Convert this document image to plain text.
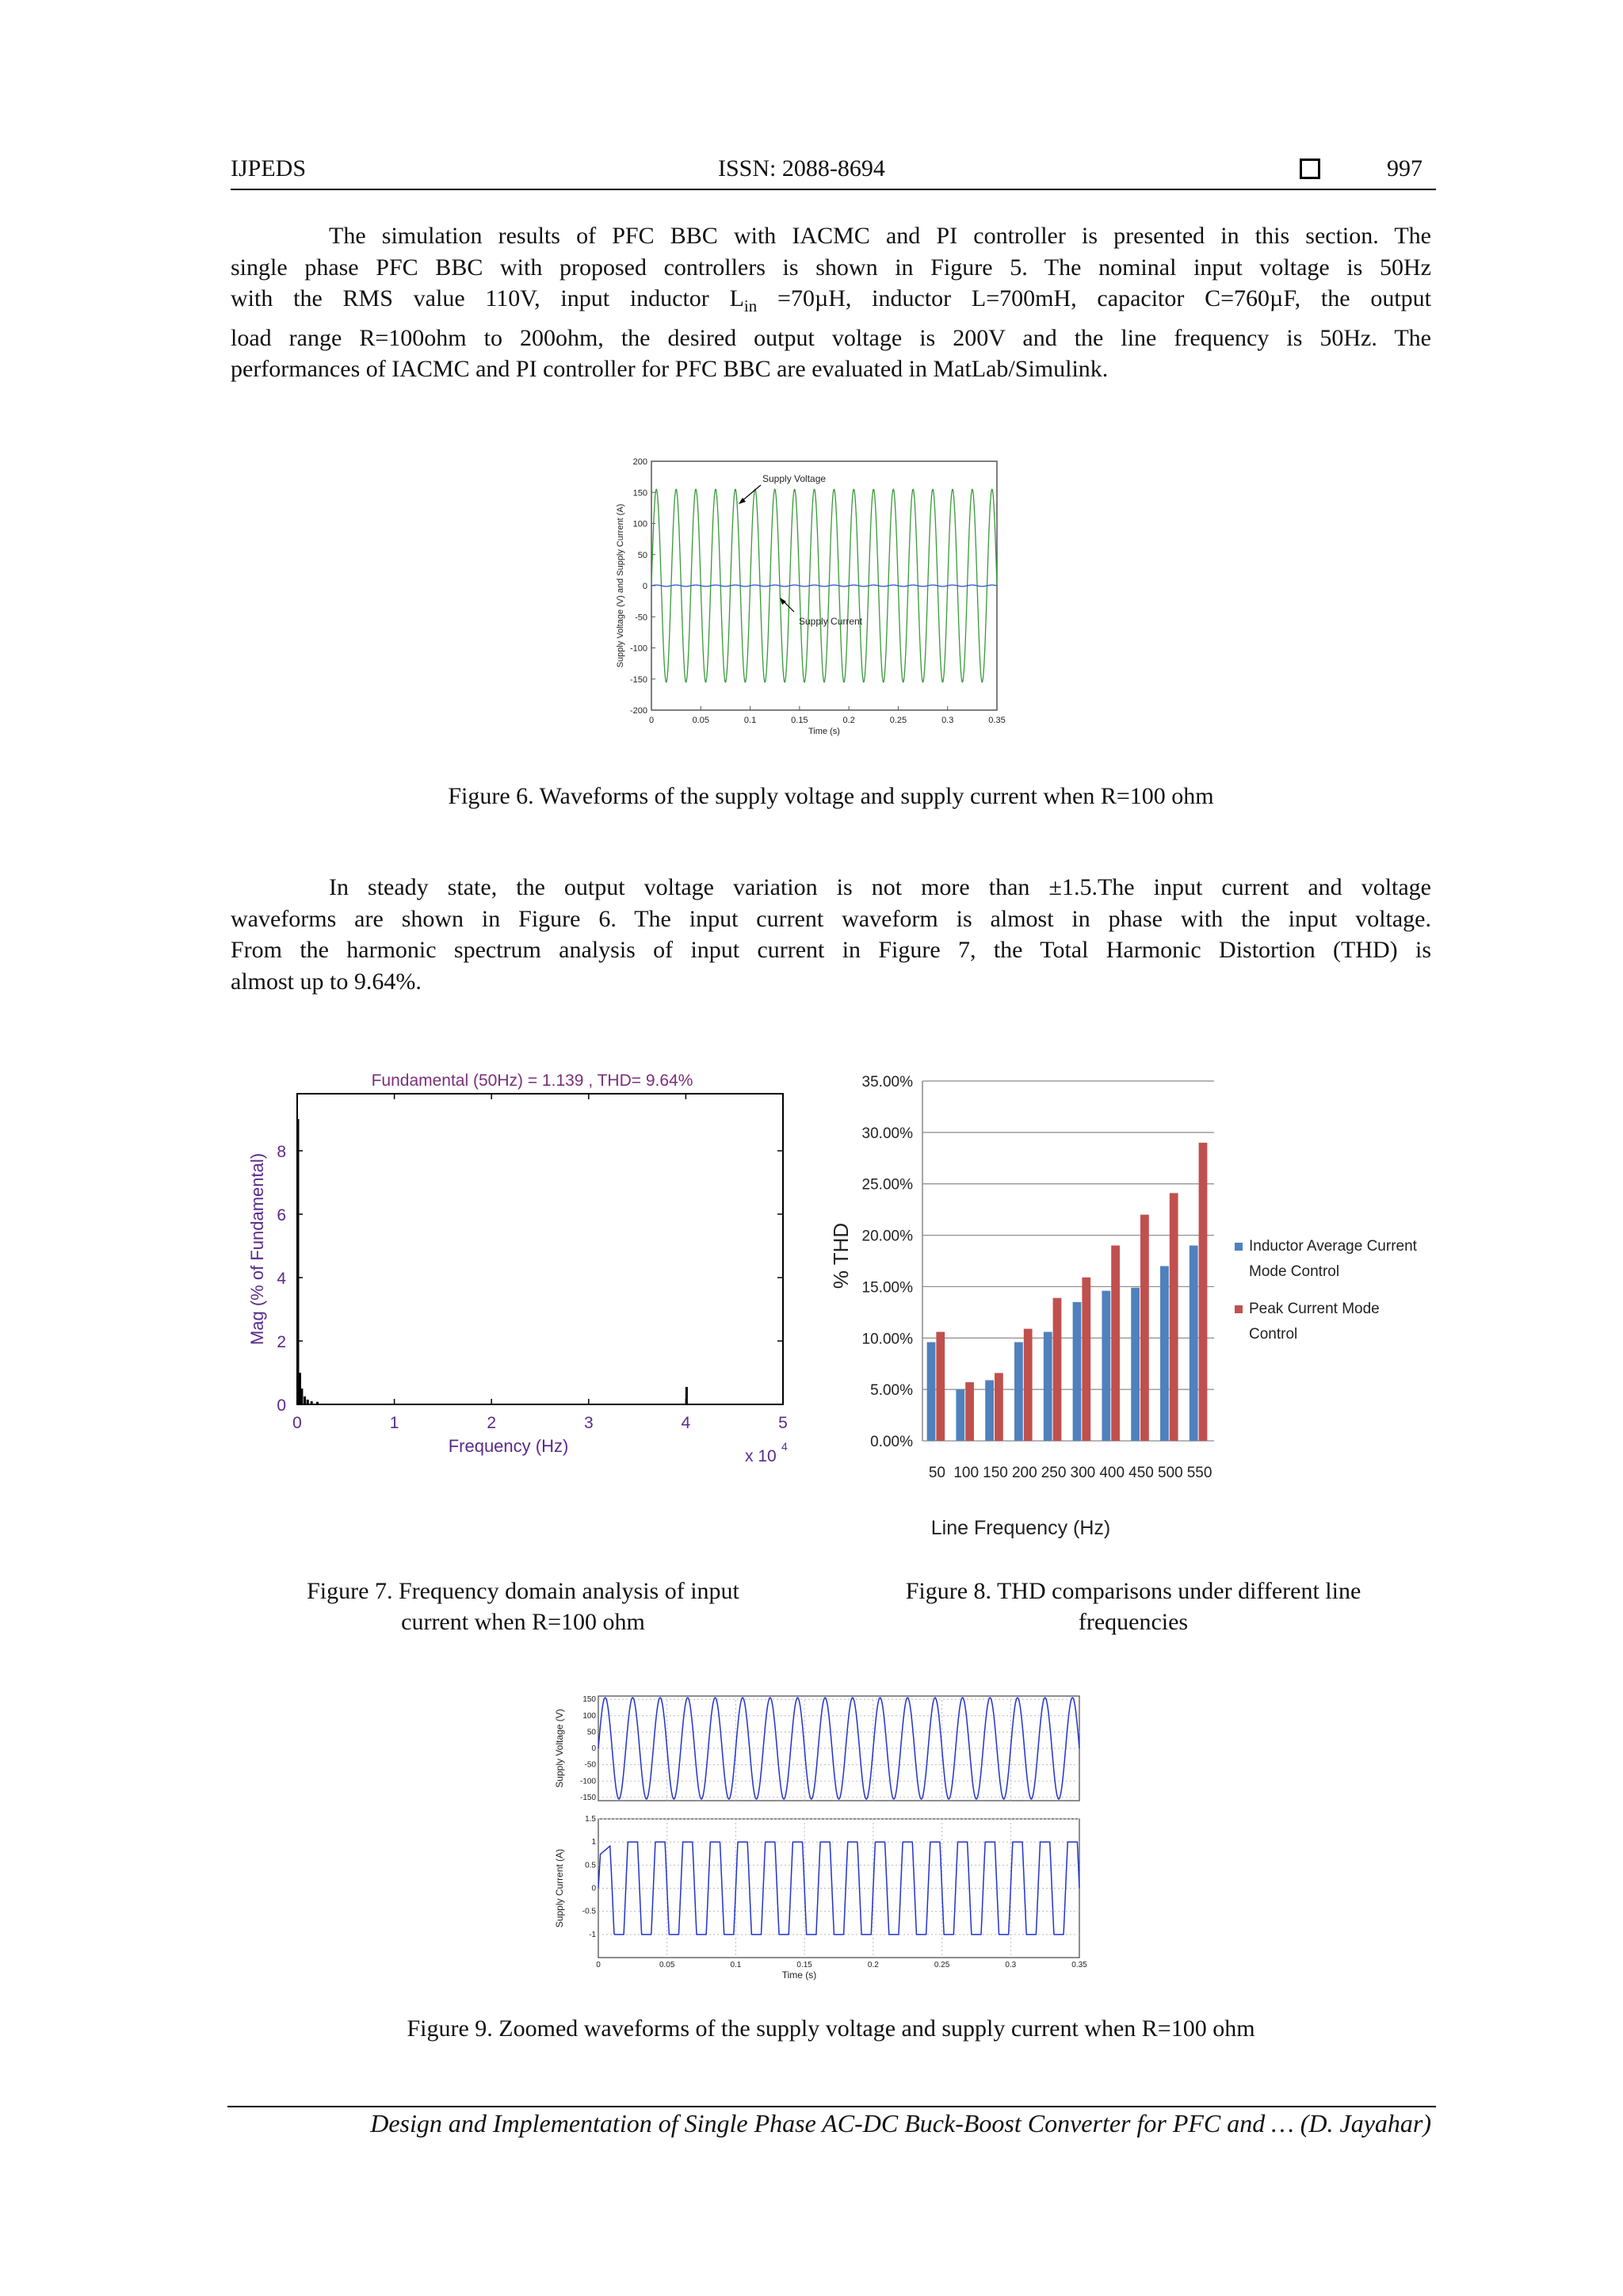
IJPEDS	ISSN: 2088-8694	997
The simulation results of PFC BBC with IACMC and PI controller is presented in this section. The
single phase PFC BBC with proposed controllers is shown in Figure 5. The nominal input voltage is 50Hz
with the RMS value 110V, input inductor $L_{in} =70\mu H$, inductor L=700mH, capacitor C=760µF, the output
load range R=100ohm to 200ohm, the desired output voltage is 200V and the line frequency is 50Hz. The
performances of IACMC and PI controller for PFC BBC are evaluated in MatLab/Simulink.
200
150
100
50
0
-50
-100
-150
-200
0	0.05	0.1	0.15	0.2	0.25	0.3	0.35
Time (s)
Supply Voltage (V) and Supply Current (A)
Supply Voltage
Supply Current
Figure 6. Waveforms of the supply voltage and supply current when R=100 ohm
In steady state, the output voltage variation is not more than ±1.5.The input current and voltage
waveforms are shown in Figure 6. The input current waveform is almost in phase with the input voltage.
From the harmonic spectrum analysis of input current in Figure 7, the Total Harmonic Distortion (THD) is
almost up to 9.64%.
Fundamental (50Hz) = 1.139 , THD= 9.64%
8
6
4
2
0
0	1	2	3	4	5
Frequency (Hz)
x 10
4
Mag (% of Fundamental)
Figure 7. Frequency domain analysis of input
current when R=100 ohm
35.00%
30.00%
25.00%
20.00%
15.00%
10.00%
5.00%
0.00%
50 100 150 200 250 300 400 450 500 550
Line Frequency (Hz)
% THD	Inductor Average Current
Mode Control
Peak Current Mode
Control
Figure 8. THD comparisons under different line
frequencies
150
100
50
0
-50
-100
-150
Supply Voltage (V)
1.5
1
0.5
0
-0.5
-1
Supply Current (A)
0	0.05	0.1	0.15	0.2	0.25	0.3	0.35
Time (s)
Figure 9. Zoomed waveforms of the supply voltage and supply current when R=100 ohm
Design and Implementation of Single Phase AC-DC Buck-Boost Converter for PFC and … (D. Jayahar)
